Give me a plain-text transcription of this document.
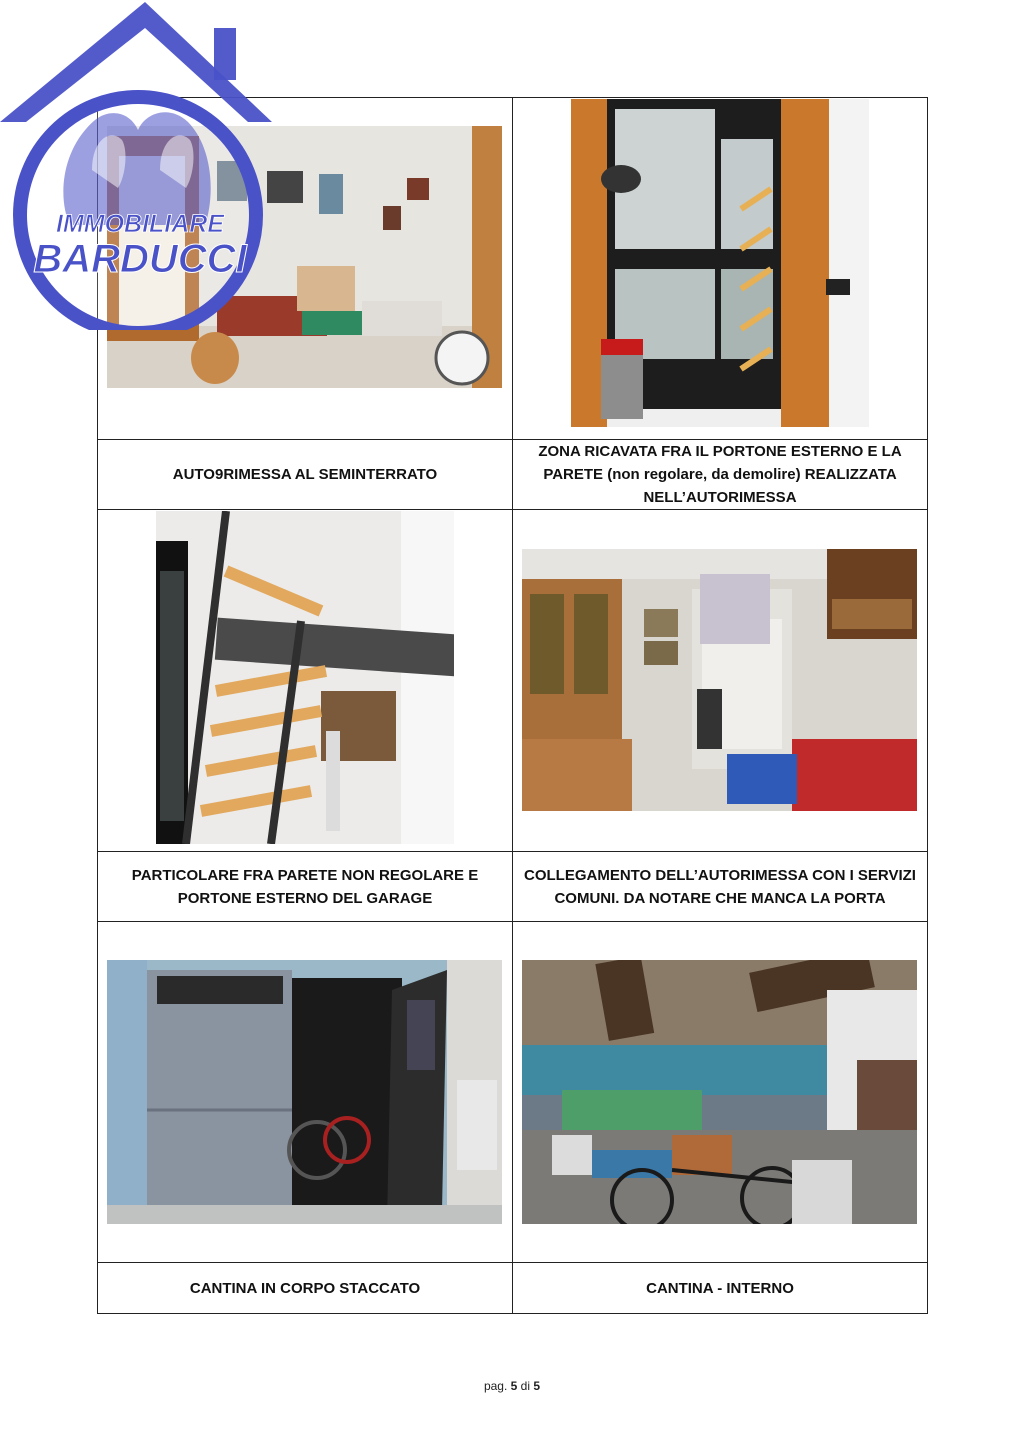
IMMOBILIARE
BARDUCCI

AUTO9RIMESSA AL SEMINTERRATO	ZONA RICAVATA FRA IL PORTONE ESTERNO E LA PARETE (non regolare, da demolire) REALIZZATA NELL’AUTORIMESSA

PARTICOLARE FRA PARETE NON REGOLARE E PORTONE ESTERNO DEL GARAGE	COLLEGAMENTO DELL’AUTORIMESSA CON I SERVIZI COMUNI. DA NOTARE CHE MANCA LA PORTA

CANTINA IN CORPO STACCATO	CANTINA - INTERNO
pag. 5 di 5
